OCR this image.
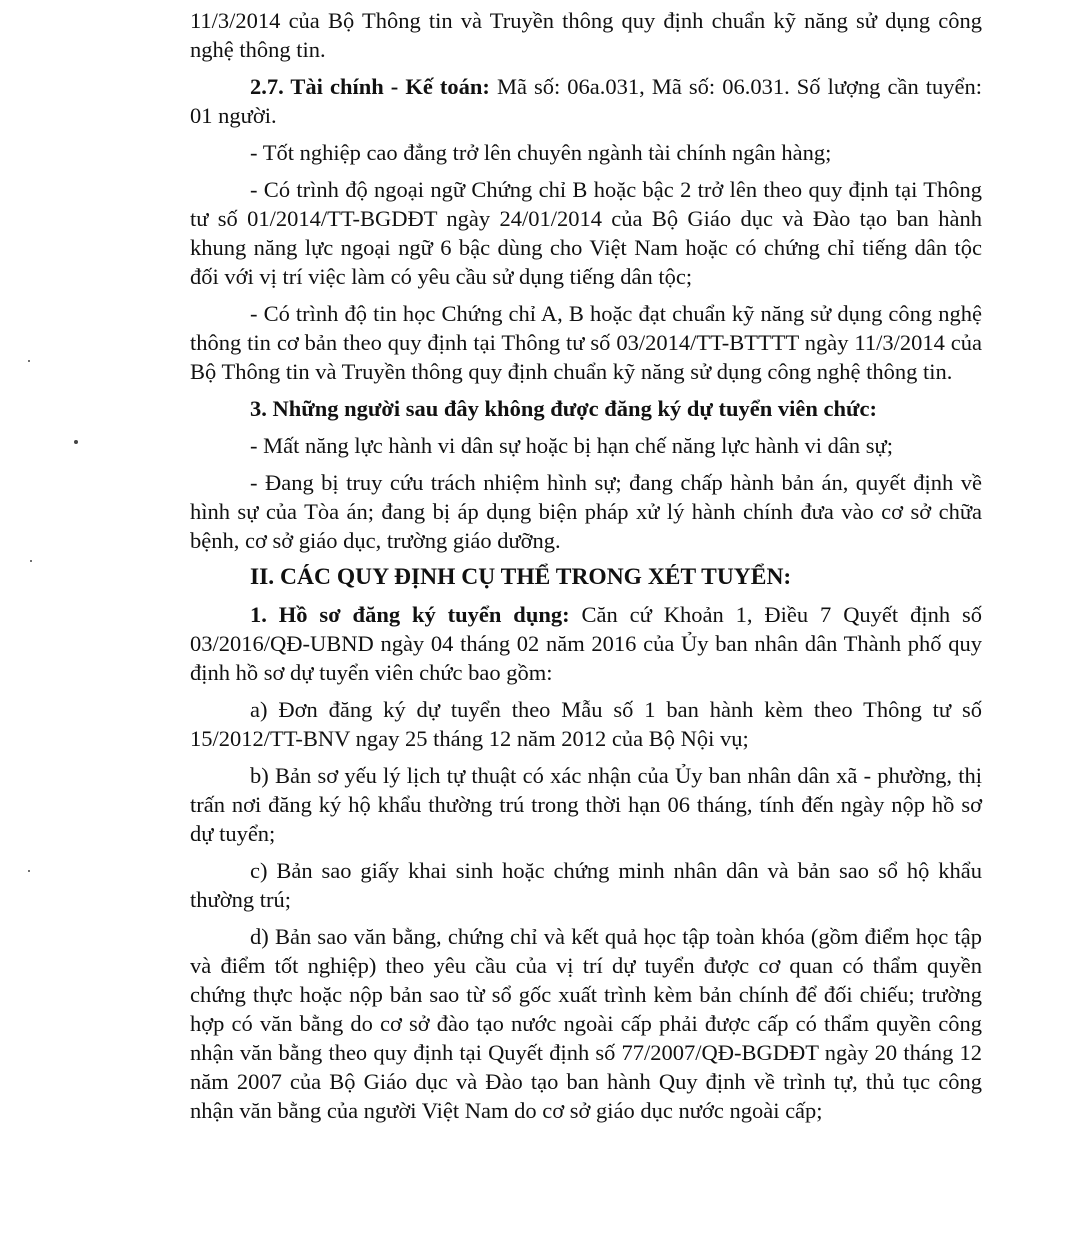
11/3/2014 của Bộ Thông tin và Truyền thông quy định chuẩn kỹ năng sử dụng công nghệ thông tin.

2.7. Tài chính - Kế toán: Mã số: 06a.031, Mã số: 06.031. Số lượng cần tuyển: 01 người.

- Tốt nghiệp cao đẳng trở lên chuyên ngành tài chính ngân hàng;

- Có trình độ ngoại ngữ Chứng chỉ B hoặc bậc 2 trở lên theo quy định tại Thông tư số 01/2014/TT-BGDĐT ngày 24/01/2014 của Bộ Giáo dục và Đào tạo ban hành khung năng lực ngoại ngữ 6 bậc dùng cho Việt Nam hoặc có chứng chỉ tiếng dân tộc đối với vị trí việc làm có yêu cầu sử dụng tiếng dân tộc;

- Có trình độ tin học Chứng chỉ A, B hoặc đạt chuẩn kỹ năng sử dụng công nghệ thông tin cơ bản theo quy định tại Thông tư số 03/2014/TT-BTTTT ngày 11/3/2014 của Bộ Thông tin và Truyền thông quy định chuẩn kỹ năng sử dụng công nghệ thông tin.

3. Những người sau đây không được đăng ký dự tuyển viên chức:

- Mất năng lực hành vi dân sự hoặc bị hạn chế năng lực hành vi dân sự;

- Đang bị truy cứu trách nhiệm hình sự; đang chấp hành bản án, quyết định về hình sự của Tòa án; đang bị áp dụng biện pháp xử lý hành chính đưa vào cơ sở chữa bệnh, cơ sở giáo dục, trường giáo dưỡng.

II. CÁC QUY ĐỊNH CỤ THỂ TRONG XÉT TUYỂN:

1. Hồ sơ đăng ký tuyển dụng: Căn cứ Khoản 1, Điều 7 Quyết định số 03/2016/QĐ-UBND ngày 04 tháng 02 năm 2016 của Ủy ban nhân dân Thành phố quy định hồ sơ dự tuyển viên chức bao gồm:

a) Đơn đăng ký dự tuyển theo Mẫu số 1 ban hành kèm theo Thông tư số 15/2012/TT-BNV ngay 25 tháng 12 năm 2012 của Bộ Nội vụ;

b) Bản sơ yếu lý lịch tự thuật có xác nhận của Ủy ban nhân dân xã - phường, thị trấn nơi đăng ký hộ khẩu thường trú trong thời hạn 06 tháng, tính đến ngày nộp hồ sơ dự tuyển;

c) Bản sao giấy khai sinh hoặc chứng minh nhân dân và bản sao sổ hộ khẩu thường trú;

d) Bản sao văn bằng, chứng chỉ và kết quả học tập toàn khóa (gồm điểm học tập và điểm tốt nghiệp) theo yêu cầu của vị trí dự tuyển được cơ quan có thẩm quyền chứng thực hoặc nộp bản sao từ sổ gốc xuất trình kèm bản chính để đối chiếu; trường hợp có văn bằng do cơ sở đào tạo nước ngoài cấp phải được cấp có thẩm quyền công nhận văn bằng theo quy định tại Quyết định số 77/2007/QĐ-BGDĐT ngày 20 tháng 12 năm 2007 của Bộ Giáo dục và Đào tạo ban hành Quy định về trình tự, thủ tục công nhận văn bằng của người Việt Nam do cơ sở giáo dục nước ngoài cấp;
